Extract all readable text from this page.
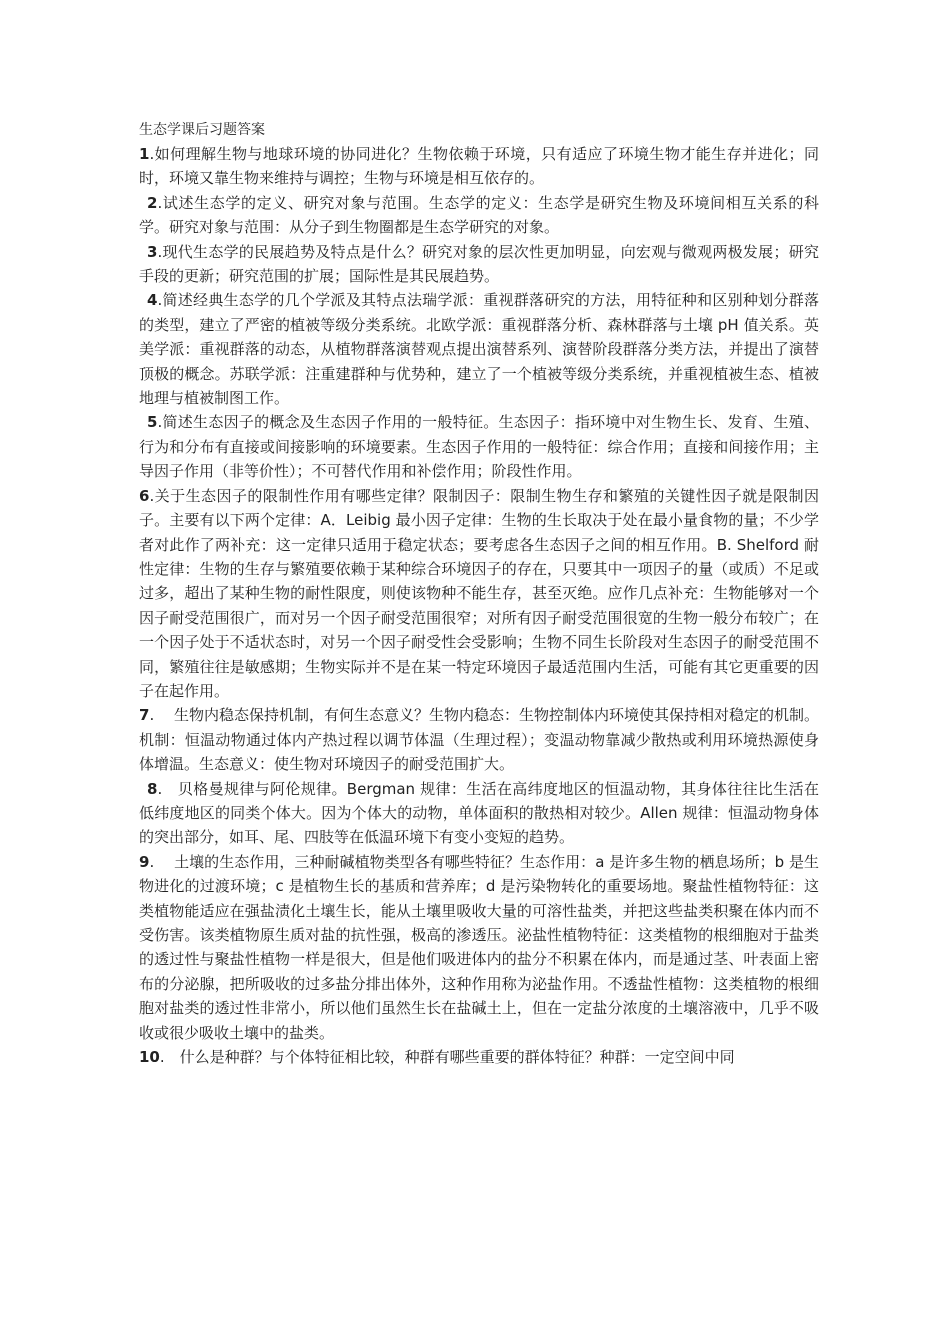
生态学课后习题答案

1.如何理解生物与地球环境的协同进化？生物依赖于环境，只有适应了环境生物才能生存并进化；同时，环境又靠生物来维持与调控；生物与环境是相互依存的。

2.试述生态学的定义、研究对象与范围。生态学的定义：生态学是研究生物及环境间相互关系的科学。研究对象与范围：从分子到生物圈都是生态学研究的对象。

3.现代生态学的民展趋势及特点是什么？研究对象的层次性更加明显，向宏观与微观两极发展；研究手段的更新；研究范围的扩展；国际性是其民展趋势。

4.简述经典生态学的几个学派及其特点法瑞学派：重视群落研究的方法，用特征种和区别种划分群落的类型，建立了严密的植被等级分类系统。北欧学派：重视群落分析、森林群落与土壤 pH 值关系。英美学派：重视群落的动态，从植物群落演替观点提出演替系列、演替阶段群落分类方法，并提出了演替顶极的概念。苏联学派：注重建群种与优势种，建立了一个植被等级分类系统，并重视植被生态、植被地理与植被制图工作。

5.简述生态因子的概念及生态因子作用的一般特征。生态因子：指环境中对生物生长、发育、生殖、行为和分布有直接或间接影响的环境要素。生态因子作用的一般特征：综合作用；直接和间接作用；主导因子作用（非等价性）；不可替代作用和补偿作用；阶段性作用。

6.关于生态因子的限制性作用有哪些定律？限制因子：限制生物生存和繁殖的关键性因子就是限制因子。主要有以下两个定律：A．Leibig 最小因子定律：生物的生长取决于处在最小量食物的量；不少学者对此作了两补充：这一定律只适用于稳定状态；要考虑各生态因子之间的相互作用。B. Shelford 耐性定律：生物的生存与繁殖要依赖于某种综合环境因子的存在，只要其中一项因子的量（或质）不足或过多，超出了某种生物的耐性限度，则使该物种不能生存，甚至灭绝。应作几点补充：生物能够对一个因子耐受范围很广，而对另一个因子耐受范围很窄；对所有因子耐受范围很宽的生物一般分布较广；在一个因子处于不适状态时，对另一个因子耐受性会受影响；生物不同生长阶段对生态因子的耐受范围不同，繁殖往往是敏感期；生物实际并不是在某一特定环境因子最适范围内生活，可能有其它更重要的因子在起作用。

7.　 生物内稳态保持机制，有何生态意义？生物内稳态：生物控制体内环境使其保持相对稳定的机制。机制：恒温动物通过体内产热过程以调节体温（生理过程）；变温动物靠减少散热或利用环境热源使身体增温。生态意义：使生物对环境因子的耐受范围扩大。

8.　贝格曼规律与阿伦规律。Bergman 规律：生活在高纬度地区的恒温动物，其身体往往比生活在低纬度地区的同类个体大。因为个体大的动物，单体面积的散热相对较少。Allen 规律：恒温动物身体的突出部分，如耳、尾、四肢等在低温环境下有变小变短的趋势。

9.　 土壤的生态作用，三种耐碱植物类型各有哪些特征？生态作用：a 是许多生物的栖息场所；b 是生物进化的过渡环境；c 是植物生长的基质和营养库；d 是污染物转化的重要场地。聚盐性植物特征：这类植物能适应在强盐渍化土壤生长，能从土壤里吸收大量的可溶性盐类，并把这些盐类积聚在体内而不受伤害。该类植物原生质对盐的抗性强，极高的渗透压。泌盐性植物特征：这类植物的根细胞对于盐类的透过性与聚盐性植物一样是很大，但是他们吸进体内的盐分不积累在体内，而是通过茎、叶表面上密布的分泌腺，把所吸收的过多盐分排出体外，这种作用称为泌盐作用。不透盐性植物：这类植物的根细胞对盐类的透过性非常小，所以他们虽然生长在盐碱土上，但在一定盐分浓度的土壤溶液中，几乎不吸收或很少吸收土壤中的盐类。

10.　什么是种群？与个体特征相比较，种群有哪些重要的群体特征？种群：一定空间中同
